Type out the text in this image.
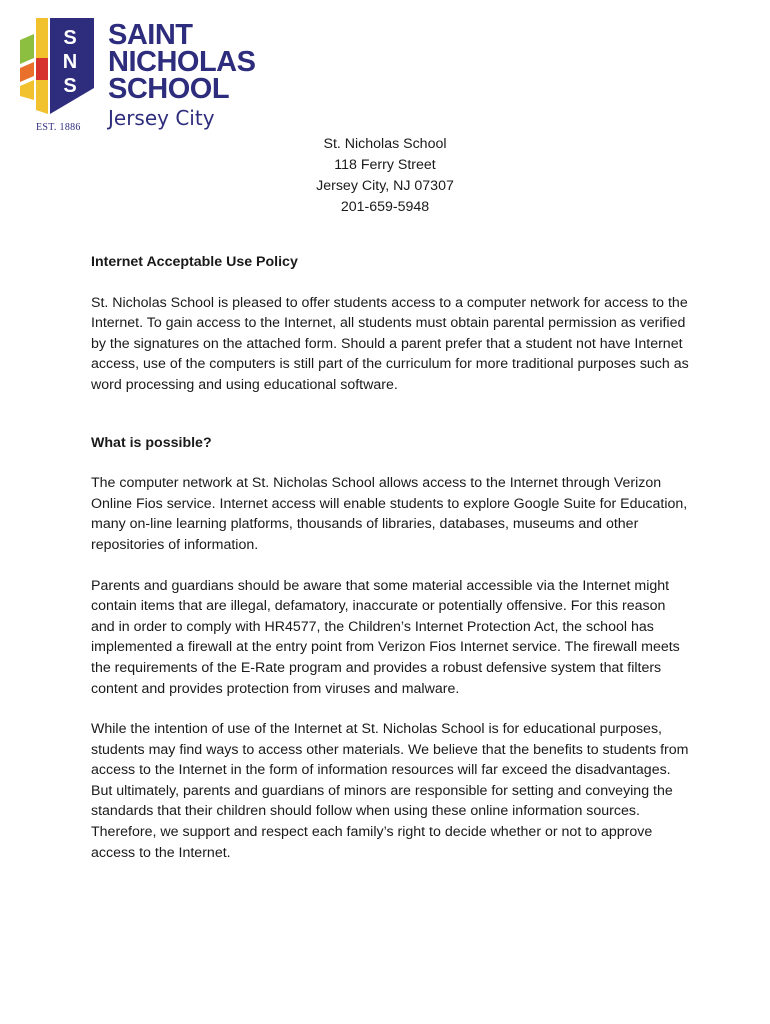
S
N
S
SAINT
NICHOLAS
SCHOOL
Jersey City
EST. 1886
St. Nicholas School
118 Ferry Street
Jersey City, NJ 07307
201-659-5948

Internet Acceptable Use Policy

St. Nicholas School is pleased to offer students access to a computer network for access to the Internet. To gain access to the Internet, all students must obtain parental permission as verified by the signatures on the attached form. Should a parent prefer that a student not have Internet access, use of the computers is still part of the curriculum for more traditional purposes such as word processing and using educational software.

What is possible?

The computer network at St. Nicholas School allows access to the Internet through Verizon Online Fios service. Internet access will enable students to explore Google Suite for Education, many on-line learning platforms, thousands of libraries, databases, museums and other repositories of information.

Parents and guardians should be aware that some material accessible via the Internet might contain items that are illegal, defamatory, inaccurate or potentially offensive. For this reason and in order to comply with HR4577, the Children’s Internet Protection Act, the school has implemented a firewall at the entry point from Verizon Fios Internet service. The firewall meets the requirements of the E-Rate program and provides a robust defensive system that filters content and provides protection from viruses and malware.

While the intention of use of the Internet at St. Nicholas School is for educational purposes, students may find ways to access other materials. We believe that the benefits to students from access to the Internet in the form of information resources will far exceed the disadvantages. But ultimately, parents and guardians of minors are responsible for setting and conveying the standards that their children should follow when using these online information sources. Therefore, we support and respect each family’s right to decide whether or not to approve access to the Internet.
